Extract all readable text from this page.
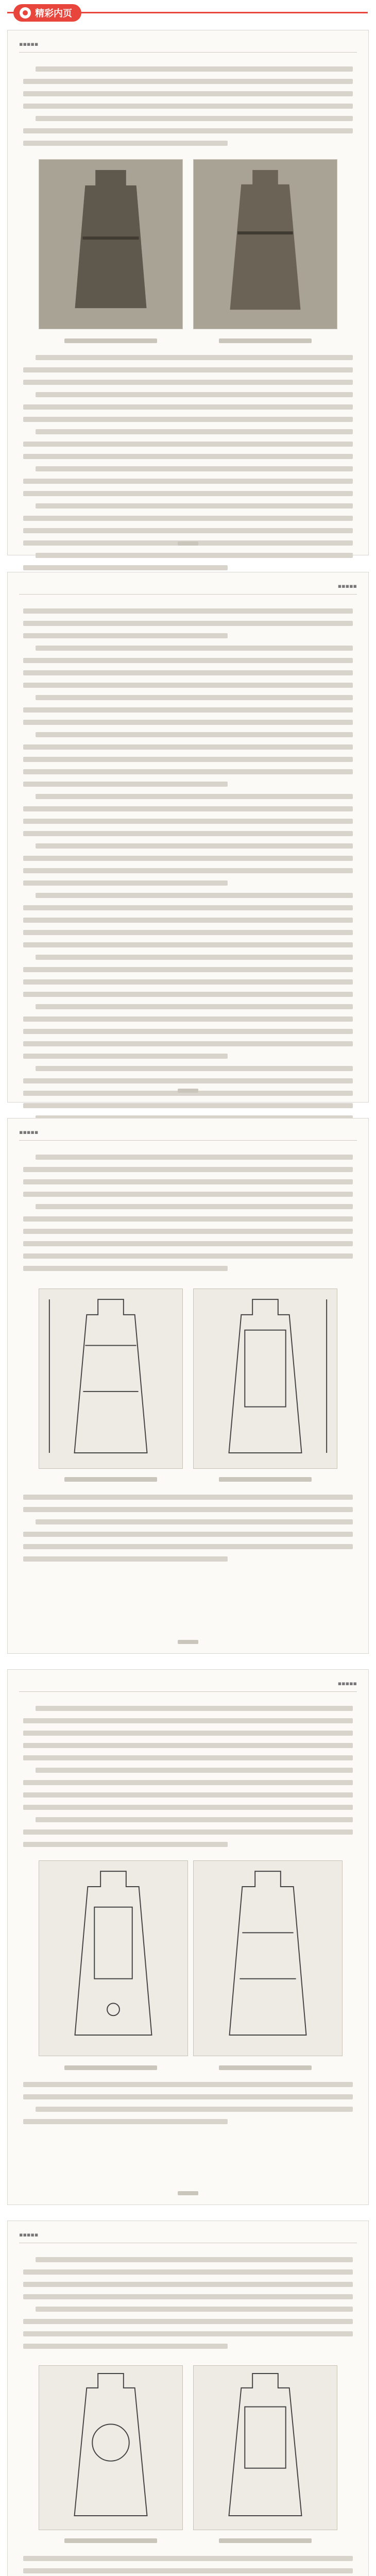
精彩内页
▪▪▪▪▪
▪▪▪▪▪
▪▪▪▪▪
▪▪▪▪▪
▪▪▪▪▪
